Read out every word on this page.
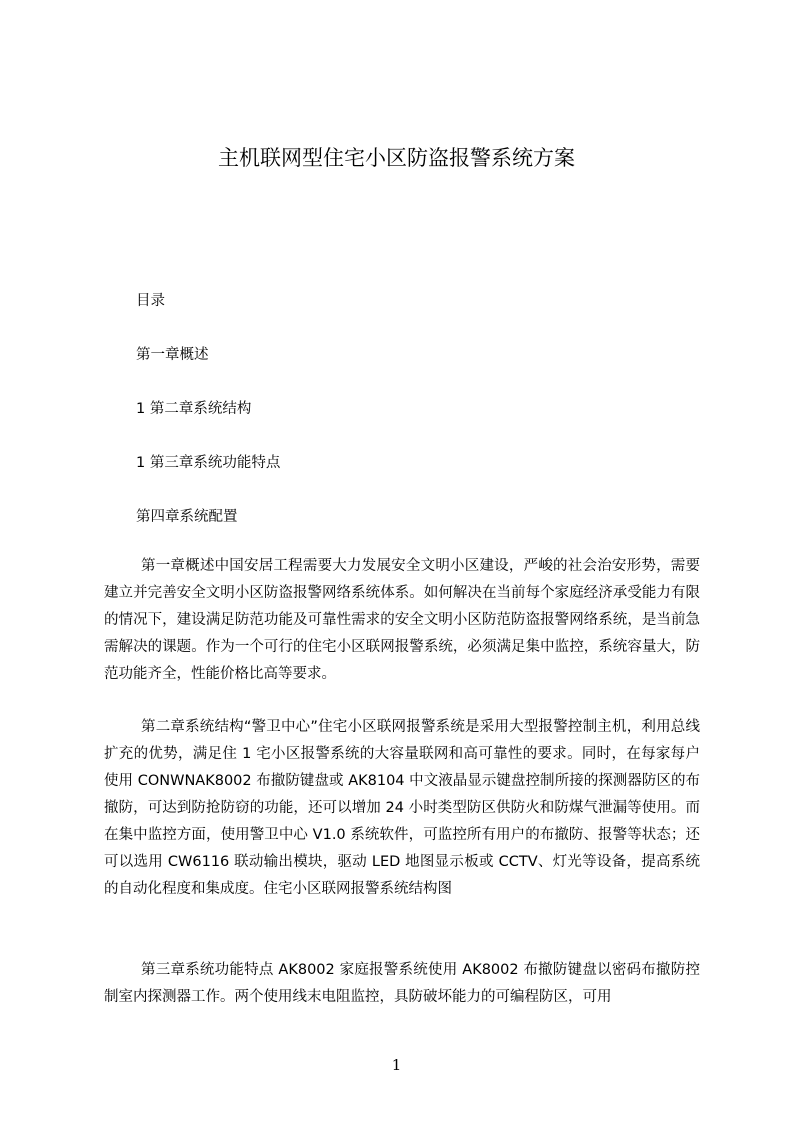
主机联网型住宅小区防盗报警系统方案
目录
第一章概述
1 第二章系统结构
1 第三章系统功能特点
第四章系统配置

第一章概述中国安居工程需要大力发展安全文明小区建设，严峻的社会治安形势，需要建立并完善安全文明小区防盗报警网络系统体系。如何解决在当前每个家庭经济承受能力有限的情况下，建设满足防范功能及可靠性需求的安全文明小区防范防盗报警网络系统，是当前急需解决的课题。作为一个可行的住宅小区联网报警系统，必须满足集中监控，系统容量大，防范功能齐全，性能价格比高等要求。

第二章系统结构“警卫中心”住宅小区联网报警系统是采用大型报警控制主机，利用总线扩充的优势，满足住 1 宅小区报警系统的大容量联网和高可靠性的要求。同时，在每家每户使用 CONWNAK8002 布撤防键盘或 AK8104 中文液晶显示键盘控制所接的探测器防区的布撤防，可达到防抢防窃的功能，还可以增加 24 小时类型防区供防火和防煤气泄漏等使用。而在集中监控方面，使用警卫中心 V1.0 系统软件，可监控所有用户的布撤防、报警等状态；还可以选用 CW6116 联动输出模块，驱动 LED 地图显示板或 CCTV、灯光等设备，提高系统的自动化程度和集成度。住宅小区联网报警系统结构图

第三章系统功能特点 AK8002 家庭报警系统使用 AK8002 布撤防键盘以密码布撤防控制室内探测器工作。两个使用线末电阻监控，具防破坏能力的可编程防区，可用

1
